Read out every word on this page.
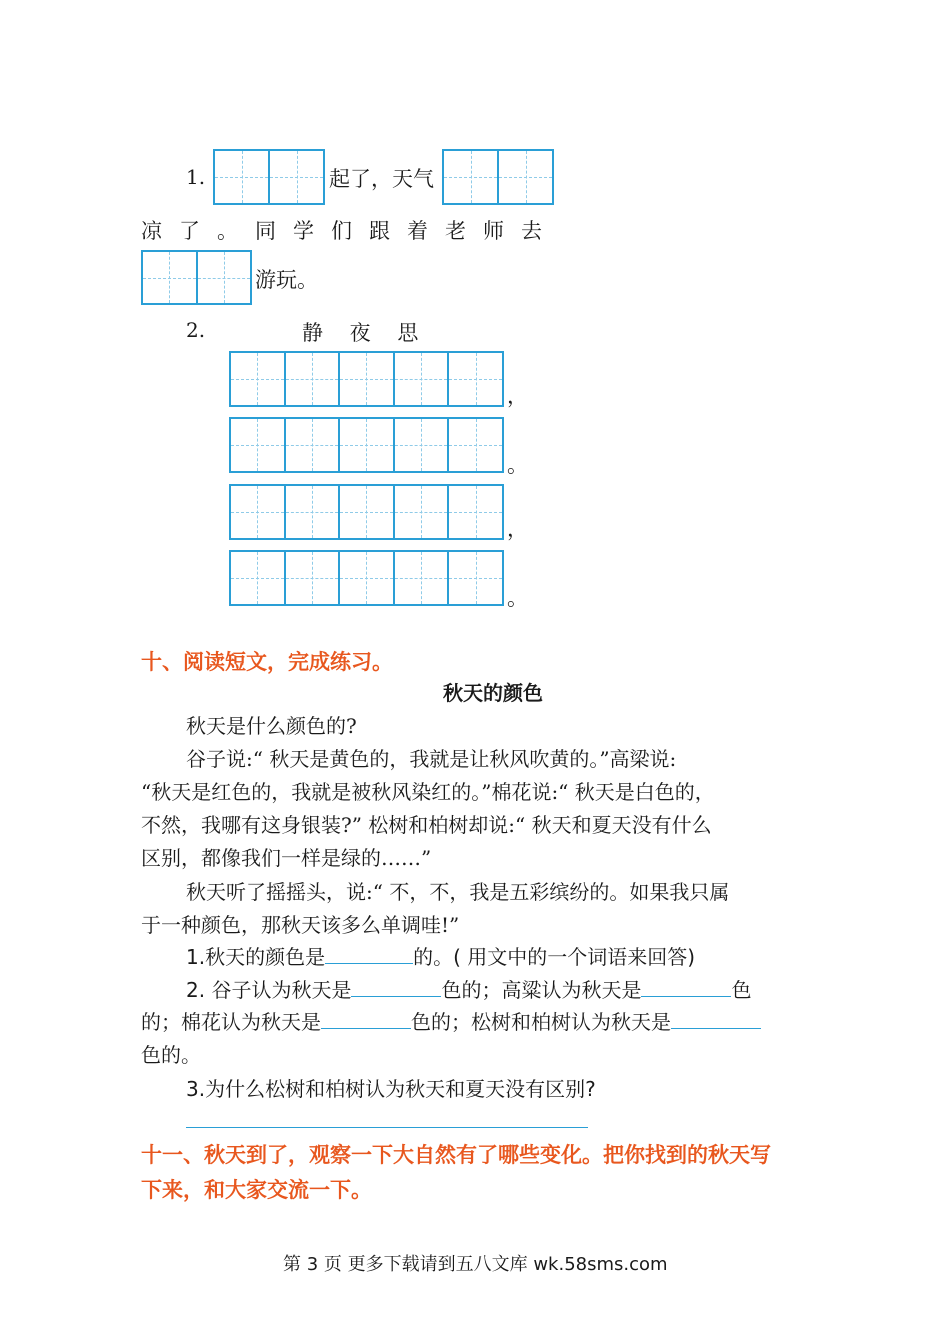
1.	起了，天气
凉了。同学们跟着老师去
游玩。
2.	静 夜 思
，
。
，
。
十、阅读短文，完成练习。
秋天的颜色
秋天是什么颜色的?
谷子说:“ 秋天是黄色的，我就是让秋风吹黄的。”高梁说:
“秋天是红色的，我就是被秋风染红的。”棉花说:“ 秋天是白色的，
不然，我哪有这身银装?” 松树和柏树却说:“ 秋天和夏天没有什么
区别，都像我们一样是绿的……”
秋天听了摇摇头，说:“ 不，不，我是五彩缤纷的。如果我只属
于一种颜色，那秋天该多么单调哇!”
1.秋天的颜色是	的。( 用文中的一个词语来回答)
2. 谷子认为秋天是	色的；高粱认为秋天是	色
的；棉花认为秋天是	色的；松树和柏树认为秋天是
色的。
3.为什么松树和柏树认为秋天和夏天没有区别?
十一、秋天到了，观察一下大自然有了哪些变化。把你找到的秋天写
下来，和大家交流一下。
第 3 页 更多下载请到五八文库 wk.58sms.com
